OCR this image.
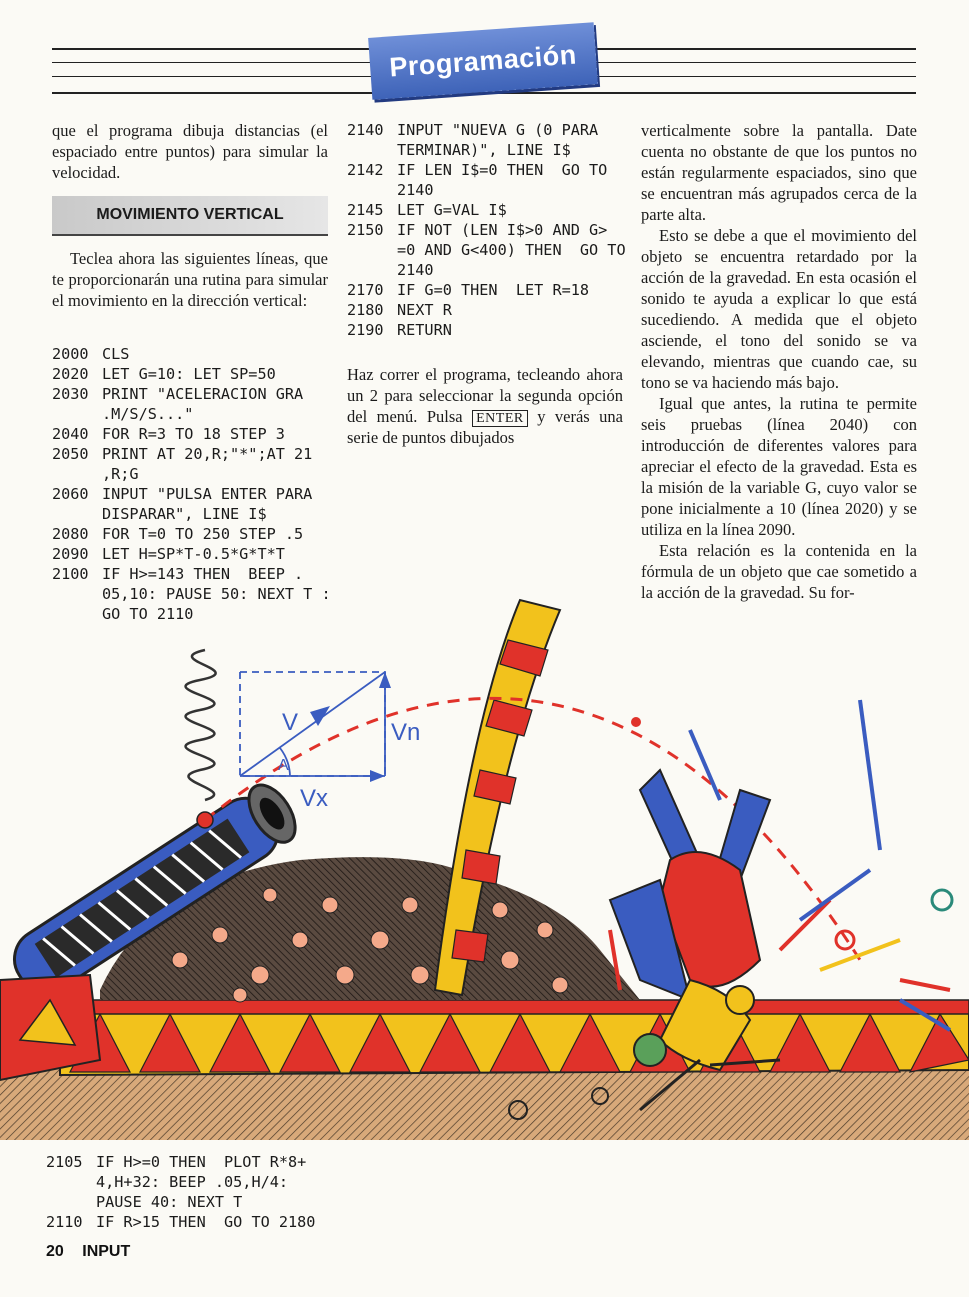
Programación

que el programa dibuja distancias (el espaciado entre puntos) para simular la velocidad.

MOVIMIENTO VERTICAL

Teclea ahora las siguientes líneas, que te proporcionarán una rutina para simular el movimiento en la dirección vertical:

2000 CLS
2020 LET G=10: LET SP=50
2030 PRINT "ACELERACION GRA .M/S/S..."
2040 FOR R=3 TO 18 STEP 3
2050 PRINT AT 20,R;"*";AT 21 ,R;G
2060 INPUT "PULSA ENTER PARA DISPARAR", LINE I$
2080 FOR T=0 TO 250 STEP .5
2090 LET H=SP*T-0.5*G*T*T
2100 IF H>=143 THEN  BEEP . 05,10: PAUSE 50: NEXT T : GO TO 2110
2140 INPUT "NUEVA G (0 PARA TERMINAR)", LINE I$
2142 IF LEN I$=0 THEN  GO TO 2140
2145 LET G=VAL I$
2150 IF NOT (LEN I$>0 AND G> =0 AND G<400) THEN  GO TO 2140
2170 IF G=0 THEN  LET R=18
2180 NEXT R
2190 RETURN

Haz correr el programa, tecleando ahora un 2 para seleccionar la segunda opción del menú. Pulsa ENTER y verás una serie de puntos dibujados

verticalmente sobre la pantalla. Date cuenta no obstante de que los puntos no están regularmente espaciados, sino que se encuentran más agrupados cerca de la parte alta.

Esto se debe a que el movimiento del objeto se encuentra retardado por la acción de la gravedad. En esta ocasión el sonido te ayuda a explicar lo que está sucediendo. A medida que el objeto asciende, el tono del sonido se va elevando, mientras que cuando cae, su tono se va haciendo más bajo.

Igual que antes, la rutina te permite seis pruebas (línea 2040) con introducción de diferentes valores para apreciar el efecto de la gravedad. Esta es la misión de la variable G, cuyo valor se pone inicialmente a 10 (línea 2020) y se utiliza en la línea 2090.

Esta relación es la contenida en la fórmula de un objeto que cae sometido a la acción de la gravedad. Su for-

V	Vn
Vx
A
2105 IF H>=0 THEN  PLOT R*8+ 4,H+32: BEEP .05,H/4: PAUSE 40: NEXT T
2110 IF R>15 THEN  GO TO 2180
20 INPUT
